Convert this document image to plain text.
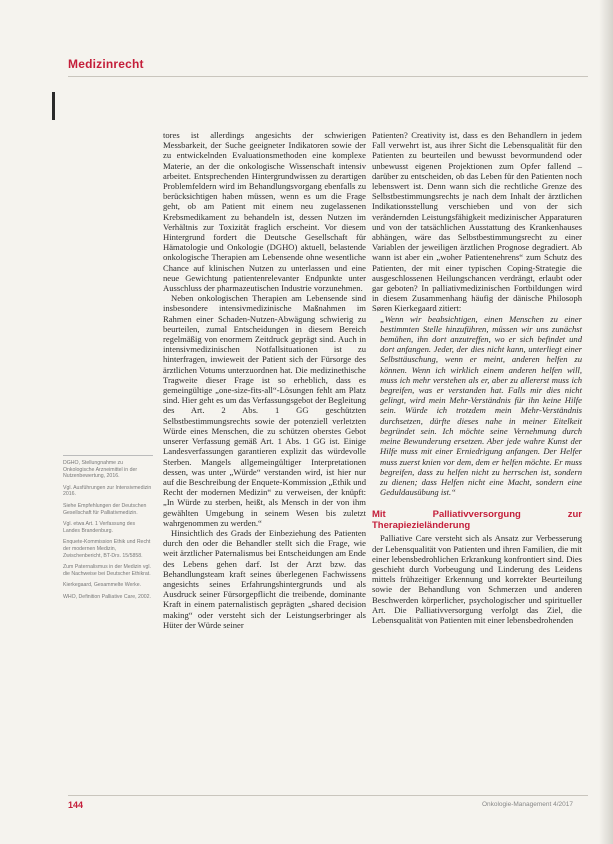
Medizinrecht

tores ist allerdings angesichts der schwierigen Messbarkeit, der Suche geeigneter Indikatoren sowie der zu entwickelnden Evaluationsmethoden eine komplexe Materie, an der die onkologische Wissenschaft intensiv arbeitet. Entsprechenden Hintergrundwissen zu derartigen Problemfeldern wird im Behandlungsvorgang ebenfalls zu berücksichtigen haben müssen, wenn es um die Frage geht, ob am Patient mit einem neu zugelassenen Krebsmedikament zu behandeln ist, dessen Nutzen im Verhältnis zur Toxizität fraglich erscheint. Vor diesem Hintergrund fordert die Deutsche Gesellschaft für Hämatologie und Onkologie (DGHO) aktuell, belastende onkologische Therapien am Lebensende ohne wesentliche Chance auf klinischen Nutzen zu unterlassen und eine neue Gewichtung patientenrelevanter Endpunkte unter Ausschluss der pharmazeutischen Industrie vorzunehmen.

Neben onkologischen Therapien am Lebensende sind insbesondere intensivmedizinische Maßnahmen im Rahmen einer Schaden-Nutzen-Abwägung schwierig zu beurteilen, zumal Entscheidungen in diesem Bereich regelmäßig von enormem Zeitdruck geprägt sind. Auch in intensivmedizinischen Notfallsituationen ist zu hinterfragen, inwieweit der Patient sich der Fürsorge des ärztlichen Votums unterzuordnen hat. Die medizinethische Tragweite dieser Frage ist so erheblich, dass es gemeingültige „one-size-fits-all“-Lösungen fehlt am Platz sind. Hier geht es um das Verfassungsgebot der Begleitung des Art. 2 Abs. 1 GG geschützten Selbstbestimmungsrechts sowie der potenziell verletzten Würde eines Menschen, die zu schützen oberstes Gebot unserer Verfassung gemäß Art. 1 Abs. 1 GG ist. Einige Landesverfassungen garantieren explizit das würdevolle Sterben. Mangels allgemeingültiger Interpretationen dessen, was unter „Würde“ verstanden wird, ist hier nur auf die Beschreibung der Enquete-Kommission „Ethik und Recht der modernen Medizin“ zu verweisen, der knüpft: „In Würde zu sterben, heißt, als Mensch in der von ihm gewählten Umgebung in seinem Wesen bis zuletzt wahrgenommen zu werden.“

Hinsichtlich des Grads der Einbeziehung des Patienten durch den oder die Behandler stellt sich die Frage, wie weit ärztlicher Paternalismus bei Entscheidungen am Ende des Lebens gehen darf. Ist der Arzt bzw. das Behandlungsteam kraft seines überlegenen Fachwissens angesichts seines Erfahrungshintergrunds und als Ausdruck seiner Fürsorgepflicht die treibende, dominante Kraft in einem paternalistisch geprägten „shared decision making“ oder versteht sich der Leistungserbringer als Hüter der Würde seiner

Patienten? Creativity ist, dass es den Behandlern in jedem Fall verwehrt ist, aus ihrer Sicht die Lebensqualität für den Patienten zu beurteilen und bewusst bevormundend oder unbewusst eigenen Projektionen zum Opfer fallend – darüber zu entscheiden, ob das Leben für den Patienten noch lebenswert ist. Denn wann sich die rechtliche Grenze des Selbstbestimmungsrechts je nach dem Inhalt der ärztlichen Indikationsstellung verschieben und von der sich verändernden Leistungsfähigkeit medizinischer Apparaturen und von der tatsächlichen Ausstattung des Krankenhauses abhängen, wäre das Selbstbestimmungsrecht zu einer Variablen der jeweiligen ärztlichen Prognose degradiert. Ab wann ist aber ein „woher Patientenehrens“ zum Schutz des Patienten, der mit einer typischen Coping-Strategie die ausgeschlossenen Heilungschancen verdrängt, erlaubt oder gar geboten? In palliativmedizinischen Fortbildungen wird in diesem Zusammenhang häufig der dänische Philosoph Søren Kierkegaard zitiert:

„Wenn wir beabsichtigen, einen Menschen zu einer bestimmten Stelle hinzuführen, müssen wir uns zunächst bemühen, ihn dort anzutreffen, wo er sich befindet und dort anfangen. Jeder, der dies nicht kann, unterliegt einer Selbsttäuschung, wenn er meint, anderen helfen zu können. Wenn ich wirklich einem anderen helfen will, muss ich mehr verstehen als er, aber zu allererst muss ich begreifen, was er verstanden hat. Falls mir dies nicht gelingt, wird mein Mehr-Verständnis für ihn keine Hilfe sein. Würde ich trotzdem mein Mehr-Verständnis durchsetzen, dürfte dieses nahe in meiner Eitelkeit begründet sein. Ich möchte seine Vernehmung durch meine Bewunderung ersetzen. Aber jede wahre Kunst der Hilfe muss mit einer Erniedrigung anfangen. Der Helfer muss zuerst knien vor dem, dem er helfen möchte. Er muss begreifen, dass zu helfen nicht zu herrschen ist, sondern zu dienen; dass Helfen nicht eine Macht, sondern eine Geduldausübung ist.“

Mit Palliativversorgung zur Therapiezieländerung

Palliative Care versteht sich als Ansatz zur Verbesserung der Lebensqualität von Patienten und ihren Familien, die mit einer lebensbedrohlichen Erkrankung konfrontiert sind. Dies geschieht durch Vorbeugung und Linderung des Leidens mittels frühzeitiger Erkennung und korrekter Beurteilung sowie der Behandlung von Schmerzen und anderen Beschwerden körperlicher, psychologischer und spiritueller Art. Die Palliativversorgung verfolgt das Ziel, die Lebensqualität von Patienten mit einer lebensbedrohenden

DGHO, Stellungnahme zu Onkologische Arzneimittel in der Nutzenbewertung, 2016.
Vgl. Ausführungen zur Intensivmedizin 2016.
Siehe Empfehlungen der Deutschen Gesellschaft für Palliativmedizin.
Vgl. etwa Art. 1 Verfassung des Landes Brandenburg.
Enquete-Kommission Ethik und Recht der modernen Medizin, Zwischenbericht, BT-Drs. 15/5858.
Zum Paternalismus in der Medizin vgl. die Nachweise bei Deutscher Ethikrat.
Kierkegaard, Gesammelte Werke.
WHO, Definition Palliative Care, 2002.
144	Onkologie-Management 4/2017
